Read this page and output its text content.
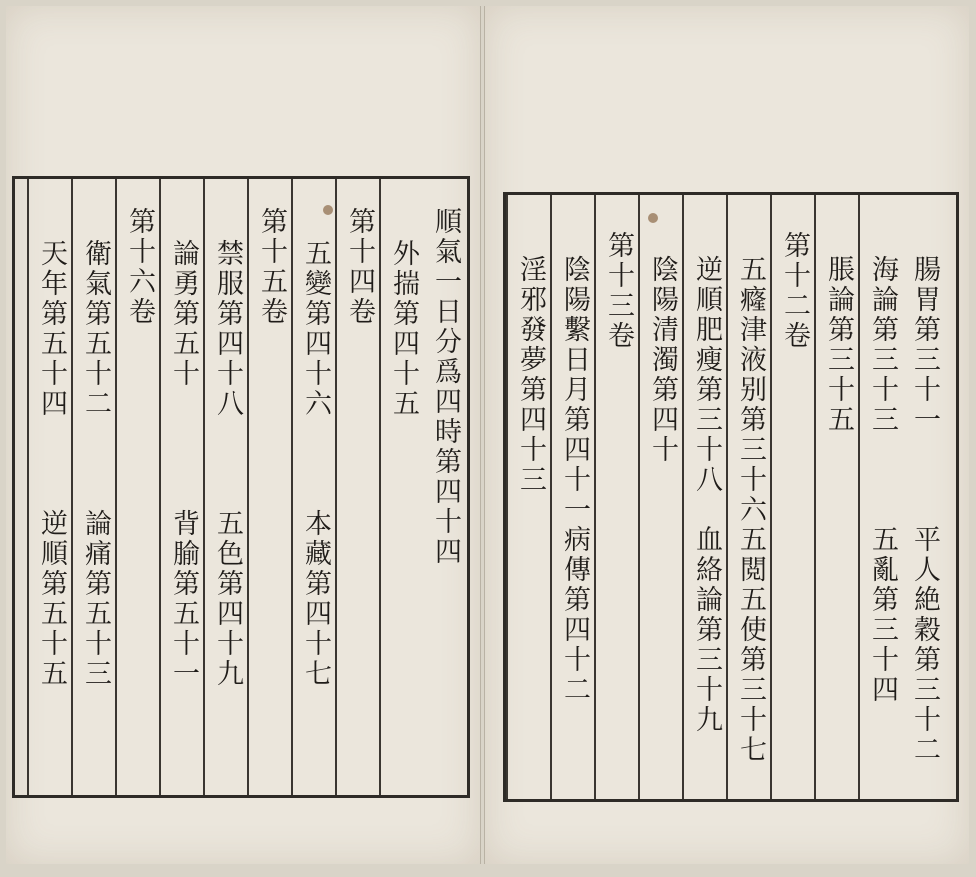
順氣一日分爲四時第四十四
外揣第四十五
第十四卷
五變第四十六
本藏第四十七
第十五卷
禁服第四十八
五色第四十九
論勇第五十
背腧第五十一
第十六卷
衛氣第五十二
論痛第五十三
天年第五十四
逆順第五十五
腸胃第三十一
平人絶穀第三十二
海論第三十三
五亂第三十四
脹論第三十五
第十二卷
五癃津液别第三十六
五閲五使第三十七
逆順肥瘦第三十八
血絡論第三十九
陰陽清濁第四十
第十三卷
陰陽繫日月第四十一
病傳第四十二
淫邪發夢第四十三
